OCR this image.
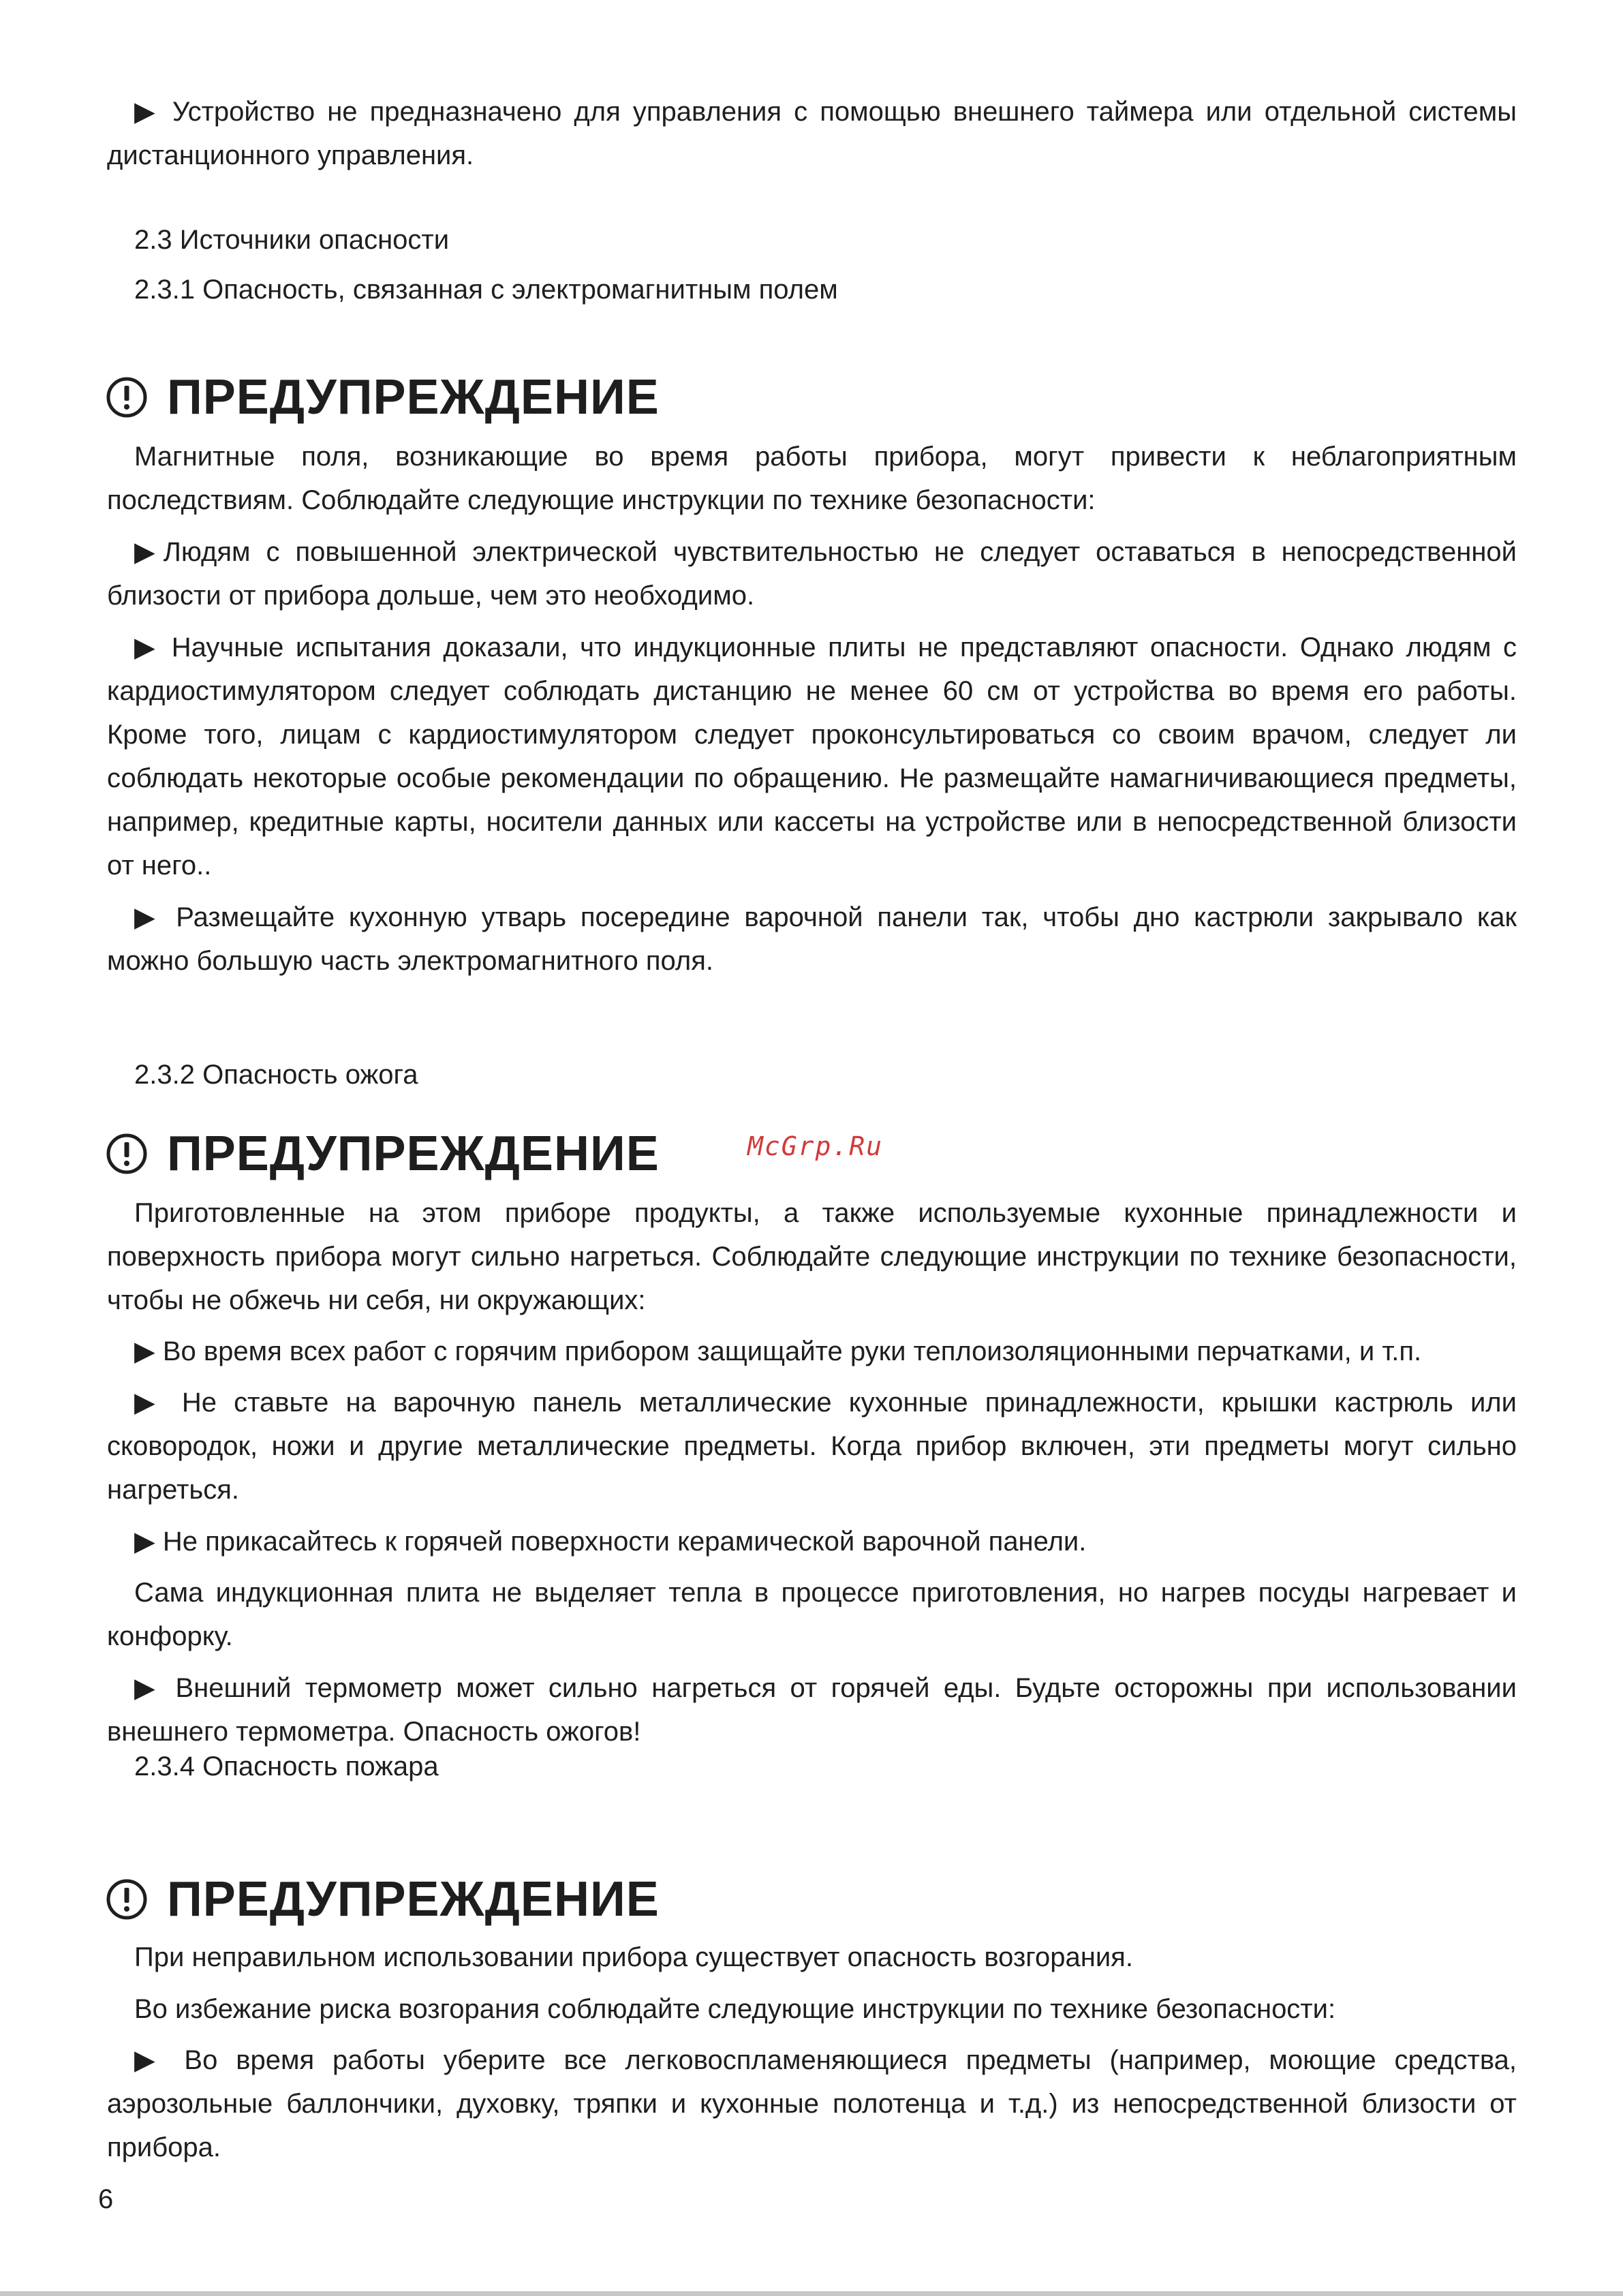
▶ Устройство не предназначено для управления с помощью внешнего таймера или отдельной системы дистанционного управления.

2.3 Источники опасности

2.3.1 Опасность, связанная с электромагнитным полем

ПРЕДУПРЕЖДЕНИЕ

Магнитные поля, возникающие во время работы прибора, могут привести к неблагоприятным последствиям. Соблюдайте следующие инструкции по технике безопасности:

▶Людям с повышенной электрической чувствительностью не следует оставаться в непосредственной близости от прибора дольше, чем это необходимо.

▶ Научные испытания доказали, что индукционные плиты не представляют опасности. Однако людям с кардиостимулятором следует соблюдать дистанцию не менее 60 см от устройства во время его работы. Кроме того, лицам с кардиостимулятором следует проконсультироваться со своим врачом, следует ли соблюдать некоторые особые рекомендации по обращению. Не размещайте намагничивающиеся предметы, например, кредитные карты, носители данных или кассеты на устройстве или в непосредственной близости от него..

▶ Размещайте кухонную утварь посередине варочной панели так, чтобы дно кастрюли закрывало как можно большую часть электромагнитного поля.

2.3.2 Опасность ожога

ПРЕДУПРЕЖДЕНИЕ	McGrp.Ru

Приготовленные на этом приборе продукты, а также используемые кухонные принадлежности и поверхность прибора могут сильно нагреться. Соблюдайте следующие инструкции по технике безопасности, чтобы не обжечь ни себя, ни окружающих:

▶ Во время всех работ с горячим прибором защищайте руки теплоизоляционными перчатками, и т.п.

▶ Не ставьте на варочную панель металлические кухонные принадлежности, крышки кастрюль или сковородок, ножи и другие металлические предметы. Когда прибор включен, эти предметы могут сильно нагреться.

▶ Не прикасайтесь к горячей поверхности керамической варочной панели.

Сама индукционная плита не выделяет тепла в процессе приготовления, но нагрев посуды нагревает и конфорку.

▶ Внешний термометр может сильно нагреться от горячей еды. Будьте осторожны при использовании внешнего термометра. Опасность ожогов!

2.3.4 Опасность пожара

ПРЕДУПРЕЖДЕНИЕ

При неправильном использовании прибора существует опасность возгорания.

Во избежание риска возгорания соблюдайте следующие инструкции по технике безопасности:

▶ Во время работы уберите все легковоспламеняющиеся предметы (например, моющие средства, аэрозольные баллончики, духовку, тряпки и кухонные полотенца и т.д.) из непосредственной близости от прибора.

6
